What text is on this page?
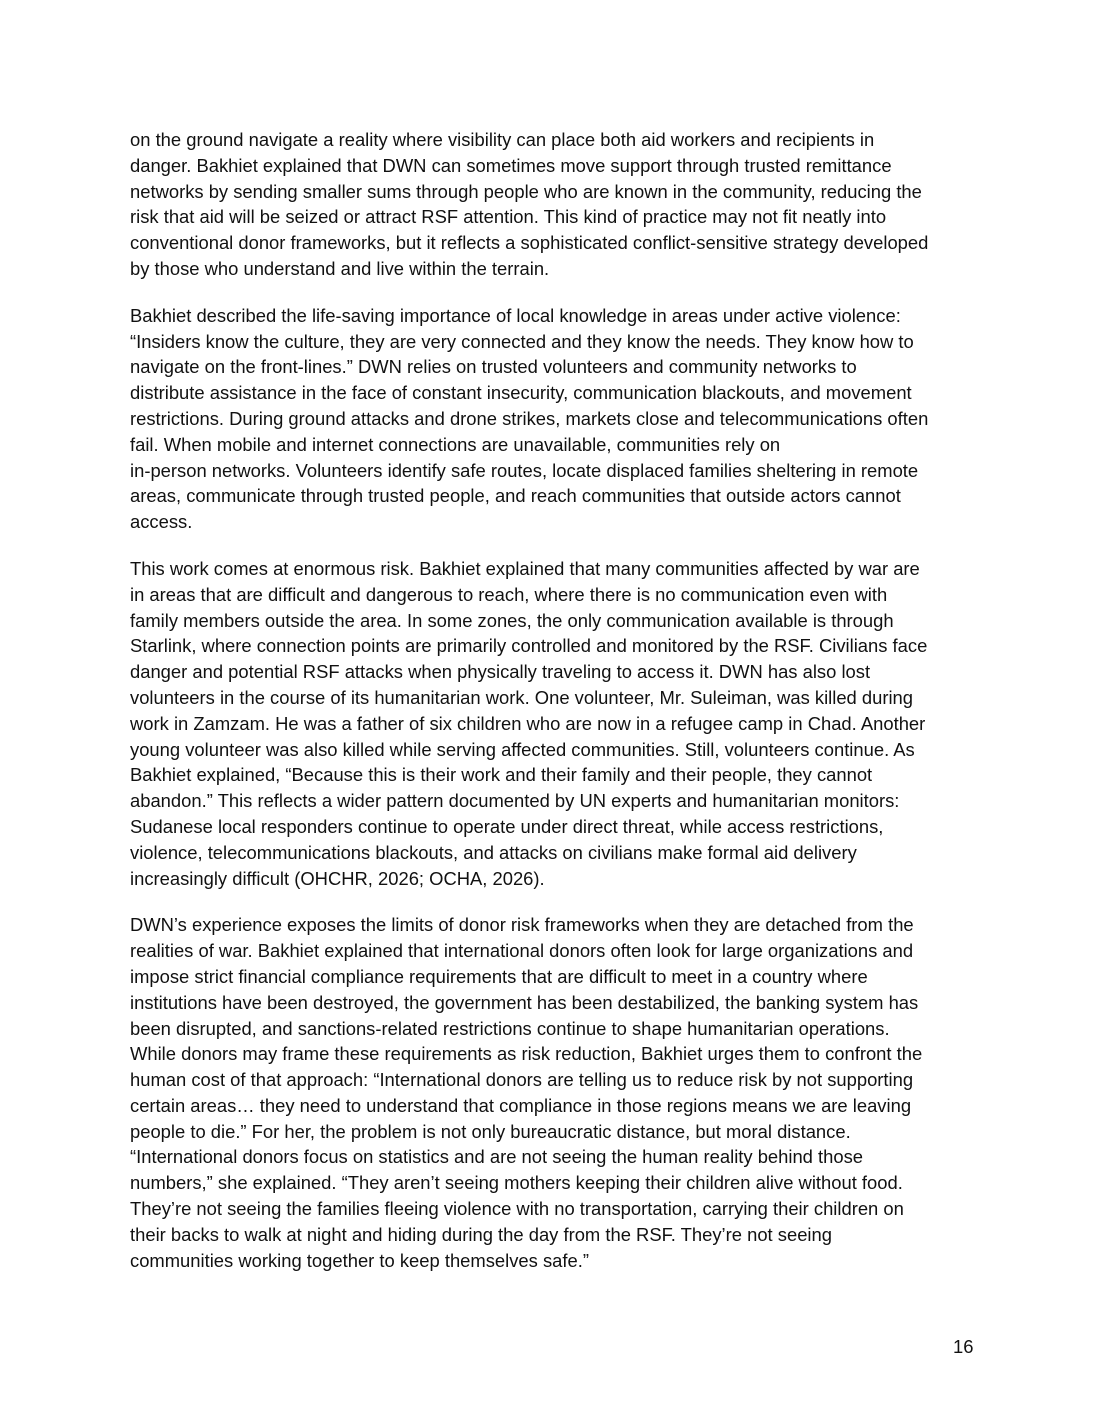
on the ground navigate a reality where visibility can place both aid workers and recipients in
danger. Bakhiet explained that DWN can sometimes move support through trusted remittance
networks by sending smaller sums through people who are known in the community, reducing the
risk that aid will be seized or attract RSF attention. This kind of practice may not fit neatly into
conventional donor frameworks, but it reflects a sophisticated conflict-sensitive strategy developed
by those who understand and live within the terrain.

Bakhiet described the life-saving importance of local knowledge in areas under active violence:
“Insiders know the culture, they are very connected and they know the needs. They know how to
navigate on the front-lines.” DWN relies on trusted volunteers and community networks to
distribute assistance in the face of constant insecurity, communication blackouts, and movement
restrictions. During ground attacks and drone strikes, markets close and telecommunications often
fail. When mobile and internet connections are unavailable, communities rely on
in-person networks. Volunteers identify safe routes, locate displaced families sheltering in remote
areas, communicate through trusted people, and reach communities that outside actors cannot
access.

This work comes at enormous risk. Bakhiet explained that many communities affected by war are
in areas that are difficult and dangerous to reach, where there is no communication even with
family members outside the area. In some zones, the only communication available is through
Starlink, where connection points are primarily controlled and monitored by the RSF. Civilians face
danger and potential RSF attacks when physically traveling to access it. DWN has also lost
volunteers in the course of its humanitarian work. One volunteer, Mr. Suleiman, was killed during
work in Zamzam. He was a father of six children who are now in a refugee camp in Chad. Another
young volunteer was also killed while serving affected communities. Still, volunteers continue. As
Bakhiet explained, “Because this is their work and their family and their people, they cannot
abandon.” This reflects a wider pattern documented by UN experts and humanitarian monitors:
Sudanese local responders continue to operate under direct threat, while access restrictions,
violence, telecommunications blackouts, and attacks on civilians make formal aid delivery
increasingly difficult (OHCHR, 2026; OCHA, 2026).

DWN’s experience exposes the limits of donor risk frameworks when they are detached from the
realities of war. Bakhiet explained that international donors often look for large organizations and
impose strict financial compliance requirements that are difficult to meet in a country where
institutions have been destroyed, the government has been destabilized, the banking system has
been disrupted, and sanctions-related restrictions continue to shape humanitarian operations.
While donors may frame these requirements as risk reduction, Bakhiet urges them to confront the
human cost of that approach: “International donors are telling us to reduce risk by not supporting
certain areas… they need to understand that compliance in those regions means we are leaving
people to die.” For her, the problem is not only bureaucratic distance, but moral distance.
“International donors focus on statistics and are not seeing the human reality behind those
numbers,” she explained. “They aren’t seeing mothers keeping their children alive without food.
They’re not seeing the families fleeing violence with no transportation, carrying their children on
their backs to walk at night and hiding during the day from the RSF. They’re not seeing
communities working together to keep themselves safe.”

16
